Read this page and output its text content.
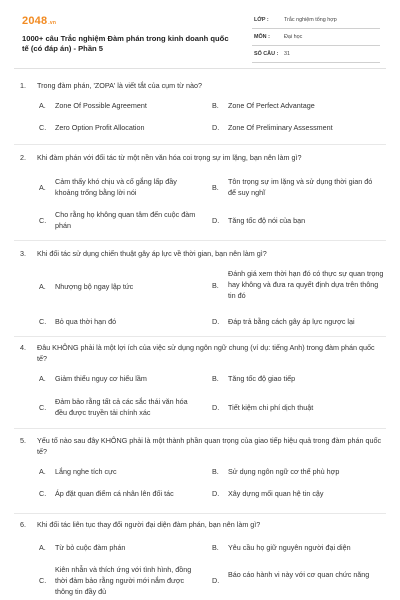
2048.vn
1000+ câu Trắc nghiệm Đàm phán trong kinh doanh quốc tế (có đáp án) - Phần 5
LỚP :	Trắc nghiệm tổng hợp
MÔN :	Đại học
SỐ CÂU : 31
1. Trong đàm phán, 'ZOPA' là viết tắt của cụm từ nào?
A. Zone Of Possible Agreement	B. Zone Of Perfect Advantage
C. Zero Option Profit Allocation	D. Zone Of Preliminary Assessment
2. Khi đàm phán với đối tác từ một nền văn hóa coi trọng sự im lặng, bạn nên làm gì?
A.
Cảm thấy khó chịu và cố gắng lấp đầy khoảng trống bằng lời nói
B.
Tôn trọng sự im lặng và sử dụng thời gian đó để suy nghĩ
C.
Cho rằng họ không quan tâm đến cuộc đàm phán
D. Tăng tốc độ nói của bạn
3. Khi đối tác sử dụng chiến thuật gây áp lực về thời gian, bạn nên làm gì?
A. Nhượng bộ ngay lập tức	B.
Đánh giá xem thời hạn đó có thực sự quan trọng hay không và đưa ra quyết định dựa trên thông tin đó
C. Bỏ qua thời hạn đó	D. Đáp trả bằng cách gây áp lực ngược lại
4. Đâu KHÔNG phải là một lợi ích của việc sử dụng ngôn ngữ chung (ví dụ: tiếng Anh) trong đàm phán quốc tế?
A. Giảm thiểu nguy cơ hiểu lầm	B. Tăng tốc độ giao tiếp
C.
Đảm bảo rằng tất cả các sắc thái văn hóa đều được truyền tải chính xác
D. Tiết kiệm chi phí dịch thuật
5. Yếu tố nào sau đây KHÔNG phải là một thành phần quan trọng của giao tiếp hiệu quả trong đàm phán quốc tế?
A. Lắng nghe tích cực	B. Sử dụng ngôn ngữ cơ thể phù hợp
C. Áp đặt quan điểm cá nhân lên đối tác	D. Xây dựng mối quan hệ tin cậy
6. Khi đối tác liên tục thay đổi người đại diện đàm phán, bạn nên làm gì?
A. Từ bỏ cuộc đàm phán	B. Yêu cầu họ giữ nguyên người đại diện
C.
Kiên nhẫn và thích ứng với tình hình, đồng thời đảm bảo rằng người mới nắm được thông tin đầy đủ
D.
Báo cáo hành vi này với cơ quan chức năng
